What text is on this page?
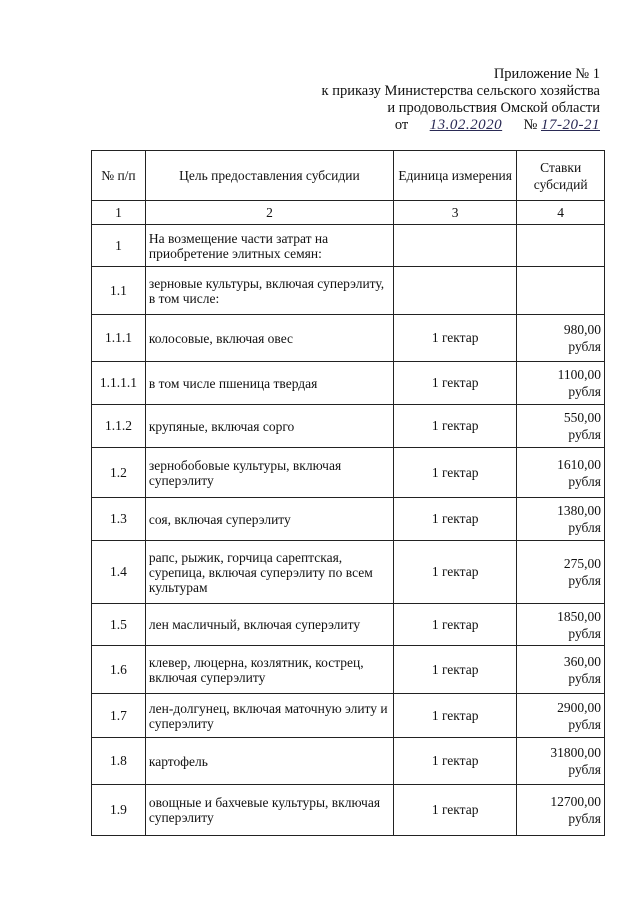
Приложение № 1
к приказу Министерства сельского хозяйства
и продовольствия Омской области
от 13.02.2020 № 17-20-21
№ п/п	Цель предоставления субсидии	Единица измерения	Ставки субсидий
1	2	3	4
1	На возмещение части затрат на приобретение элитных семян:		

1.1	зерновые культуры, включая суперэлиту, в том числе:		

1.1.1	колосовые, включая овес	1 гектар	980,00
рубля

1.1.1.1	в том числе пшеница твердая	1 гектар	1100,00
рубля

1.1.2	крупяные, включая сорго	1 гектар	550,00
рубля

1.2	зернобобовые культуры, включая суперэлиту	1 гектар	1610,00
рубля

1.3	соя, включая суперэлиту	1 гектар	1380,00
рубля

1.4	рапс, рыжик, горчица сарептская, сурепица, включая суперэлиту по всем культурам	1 гектар	275,00
рубля

1.5	лен масличный, включая суперэлиту	1 гектар	1850,00
рубля

1.6	клевер, люцерна, козлятник, кострец, включая суперэлиту	1 гектар	360,00
рубля

1.7	лен-долгунец, включая маточную элиту и суперэлиту	1 гектар	2900,00
рубля

1.8	картофель	1 гектар	31800,00
рубля

1.9	овощные и бахчевые культуры, включая суперэлиту	1 гектар	12700,00
рубля
